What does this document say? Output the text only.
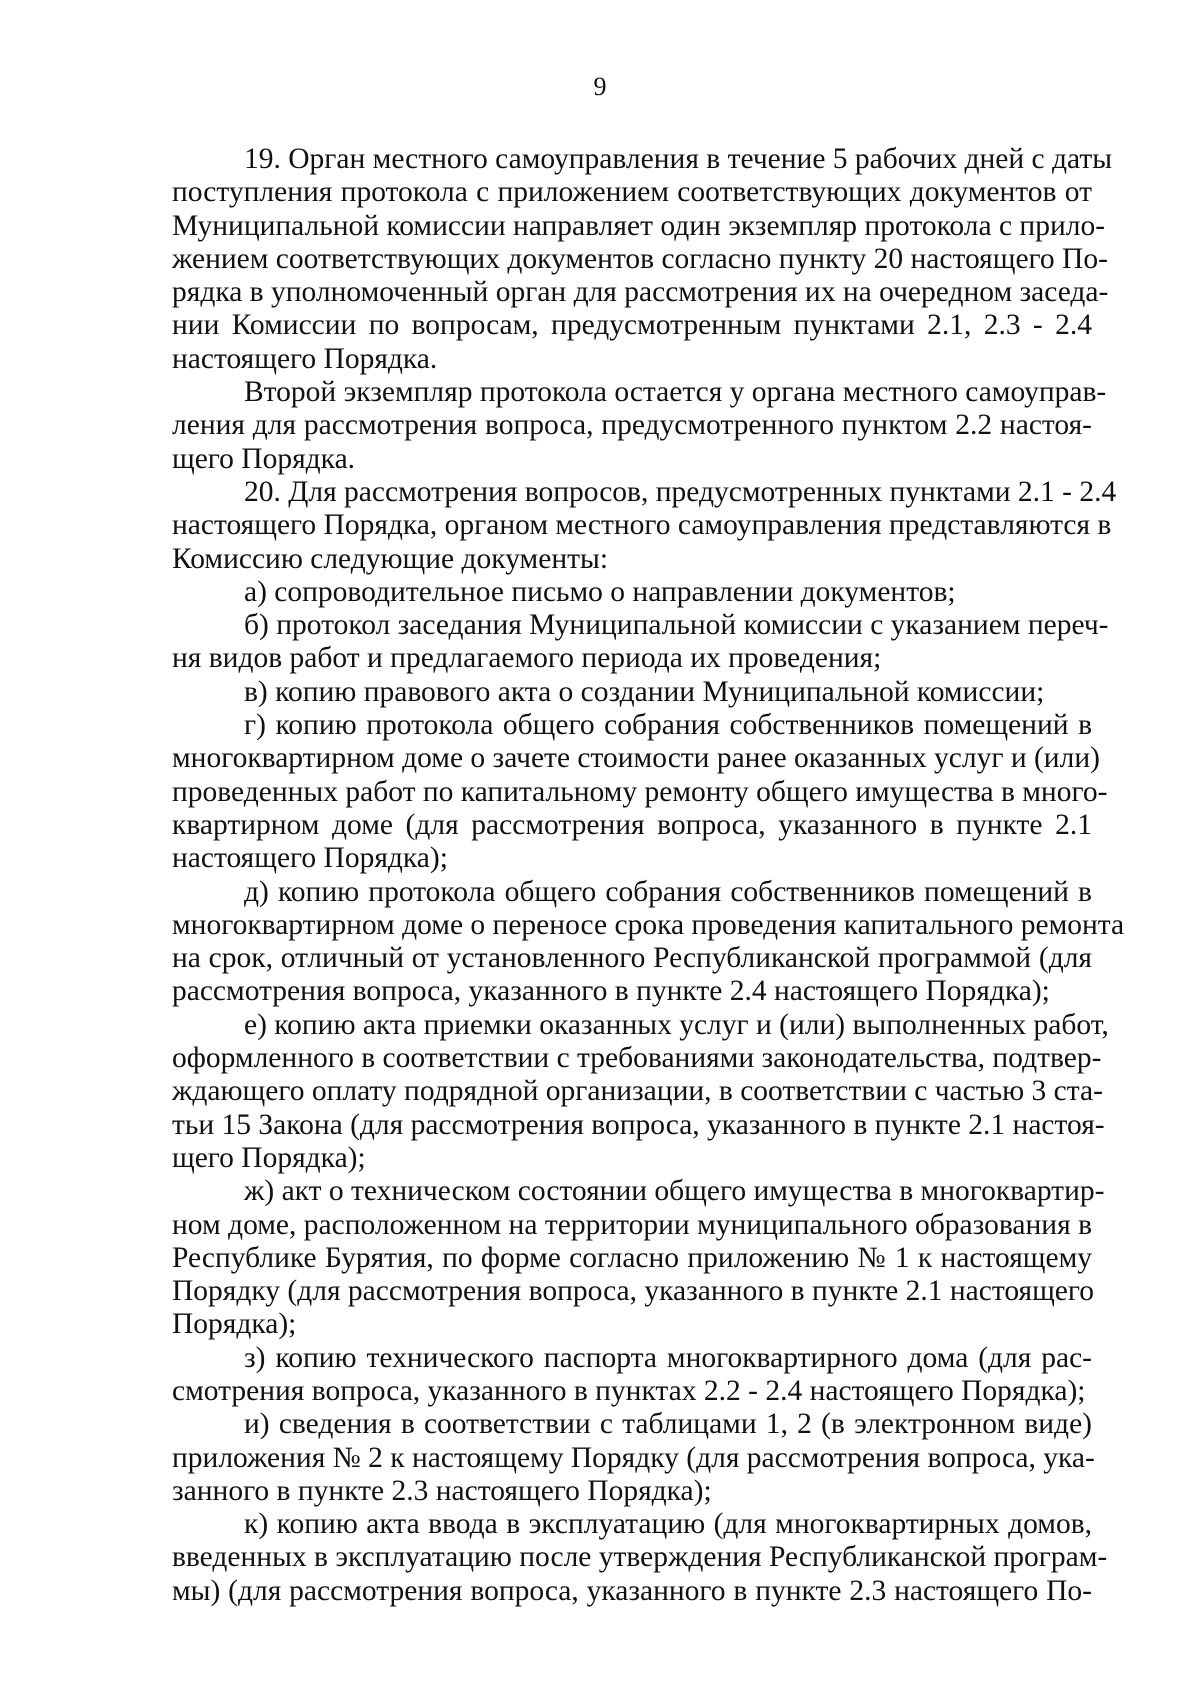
9
19. Орган местного самоуправления в течение 5 рабочих дней с даты
поступления протокола с приложением соответствующих документов от
Муниципальной комиссии направляет один экземпляр протокола с прило-
жением соответствующих документов согласно пункту 20 настоящего По-
рядка в уполномоченный орган для рассмотрения их на очередном заседа-
нии Комиссии по вопросам, предусмотренным пунктами 2.1, 2.3 - 2.4
настоящего Порядка.
Второй экземпляр протокола остается у органа местного самоуправ-
ления для рассмотрения вопроса, предусмотренного пунктом 2.2 настоя-
щего Порядка.
20. Для рассмотрения вопросов, предусмотренных пунктами 2.1 - 2.4
настоящего Порядка, органом местного самоуправления представляются в
Комиссию следующие документы:
а) сопроводительное письмо о направлении документов;
б) протокол заседания Муниципальной комиссии с указанием переч-
ня видов работ и предлагаемого периода их проведения;
в) копию правового акта о создании Муниципальной комиссии;
г) копию протокола общего собрания собственников помещений в
многоквартирном доме о зачете стоимости ранее оказанных услуг и (или)
проведенных работ по капитальному ремонту общего имущества в много-
квартирном доме (для рассмотрения вопроса, указанного в пункте 2.1
настоящего Порядка);
д) копию протокола общего собрания собственников помещений в
многоквартирном доме о переносе срока проведения капитального ремонта
на срок, отличный от установленного Республиканской программой (для
рассмотрения вопроса, указанного в пункте 2.4 настоящего Порядка);
е) копию акта приемки оказанных услуг и (или) выполненных работ,
оформленного в соответствии с требованиями законодательства, подтвер-
ждающего оплату подрядной организации, в соответствии с частью 3 ста-
тьи 15 Закона (для рассмотрения вопроса, указанного в пункте 2.1 настоя-
щего Порядка);
ж) акт о техническом состоянии общего имущества в многоквартир-
ном доме, расположенном на территории муниципального образования в
Республике Бурятия, по форме согласно приложению № 1 к настоящему
Порядку (для рассмотрения вопроса, указанного в пункте 2.1 настоящего
Порядка);
з) копию технического паспорта многоквартирного дома (для рас-
смотрения вопроса, указанного в пунктах 2.2 - 2.4 настоящего Порядка);
и) сведения в соответствии с таблицами 1, 2 (в электронном виде)
приложения № 2 к настоящему Порядку (для рассмотрения вопроса, ука-
занного в пункте 2.3 настоящего Порядка);
к) копию акта ввода в эксплуатацию (для многоквартирных домов,
введенных в эксплуатацию после утверждения Республиканской програм-
мы) (для рассмотрения вопроса, указанного в пункте 2.3 настоящего По-
